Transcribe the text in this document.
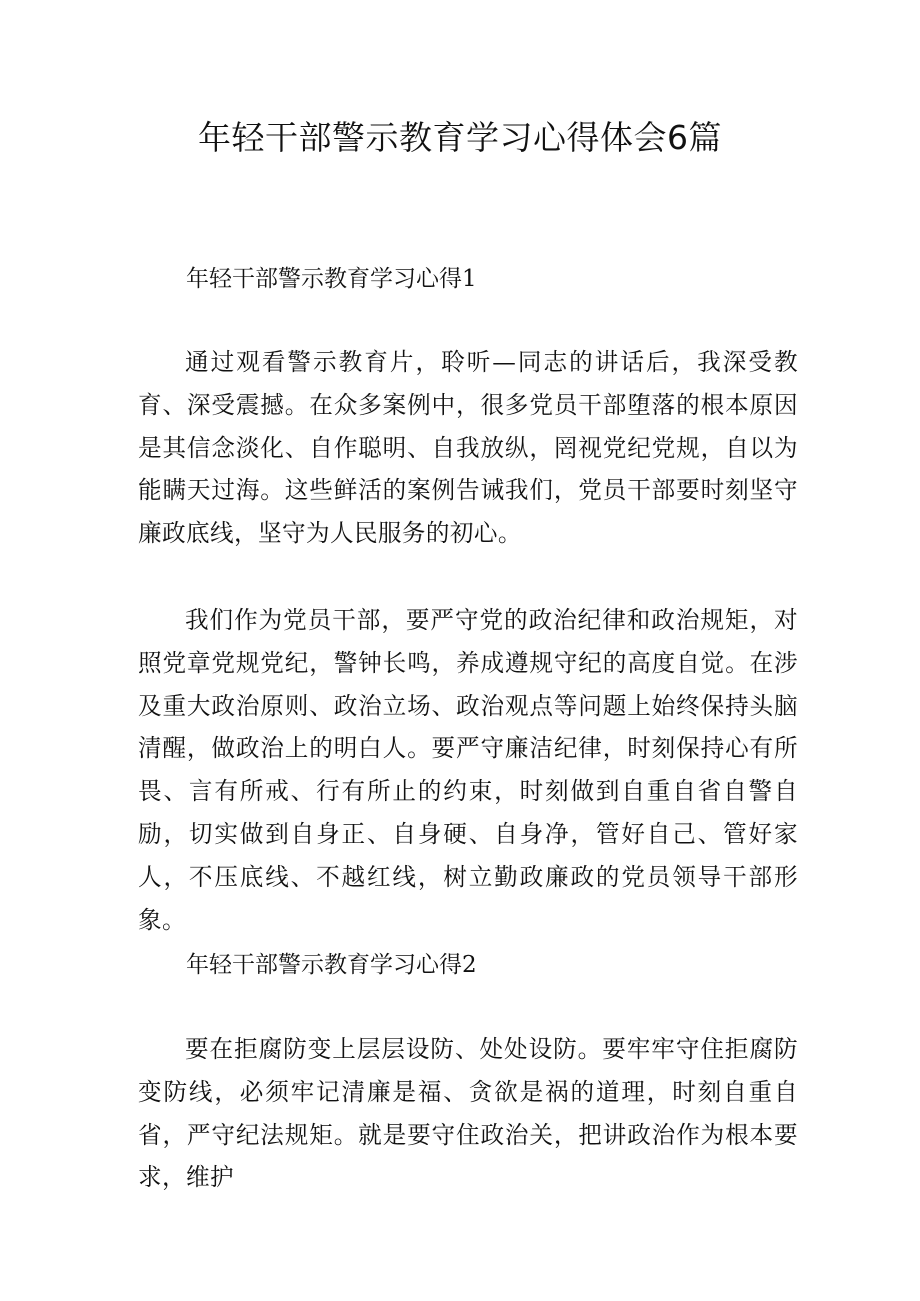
年轻干部警示教育学习心得体会6篇
年轻干部警示教育学习心得1

通过观看警示教育片，聆听—同志的讲话后，我深受教育、深受震撼。在众多案例中，很多党员干部堕落的根本原因是其信念淡化、自作聪明、自我放纵，罔视党纪党规，自以为能瞒天过海。这些鲜活的案例告诫我们，党员干部要时刻坚守廉政底线，坚守为人民服务的初心。

我们作为党员干部，要严守党的政治纪律和政治规矩，对照党章党规党纪，警钟长鸣，养成遵规守纪的高度自觉。在涉及重大政治原则、政治立场、政治观点等问题上始终保持头脑清醒，做政治上的明白人。要严守廉洁纪律，时刻保持心有所畏、言有所戒、行有所止的约束，时刻做到自重自省自警自励，切实做到自身正、自身硬、自身净，管好自己、管好家人，不压底线、不越红线，树立勤政廉政的党员领导干部形象。

年轻干部警示教育学习心得2

要在拒腐防变上层层设防、处处设防。要牢牢守住拒腐防变防线，必须牢记清廉是福、贪欲是祸的道理，时刻自重自省，严守纪法规矩。就是要守住政治关，把讲政治作为根本要求，维护
